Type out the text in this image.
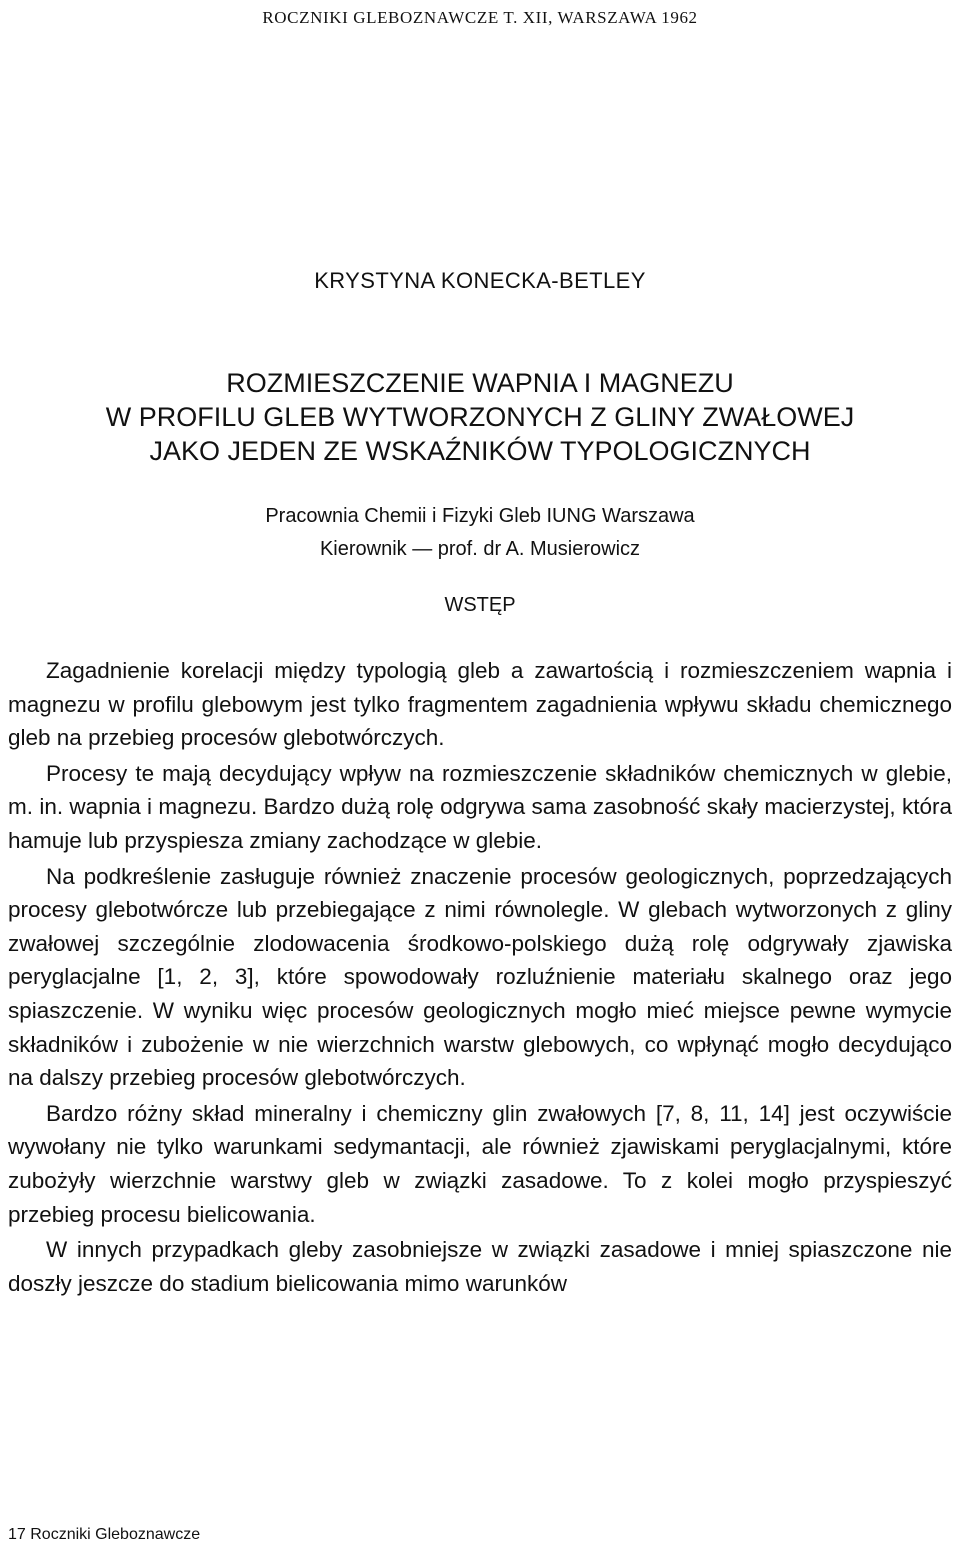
ROCZNIKI GLEBOZNAWCZE T. XII, WARSZAWA 1962
KRYSTYNA KONECKA-BETLEY
ROZMIESZCZENIE WAPNIA I MAGNEZU
W PROFILU GLEB WYTWORZONYCH Z GLINY ZWAŁOWEJ
JAKO JEDEN ZE WSKAŹNIKÓW TYPOLOGICZNYCH
Pracownia Chemii i Fizyki Gleb IUNG Warszawa
Kierownik — prof. dr A. Musierowicz
WSTĘP

Zagadnienie korelacji między typologią gleb a zawartością i rozmieszczeniem wapnia i magnezu w profilu glebowym jest tylko fragmentem zagadnienia wpływu składu chemicznego gleb na przebieg procesów glebotwórczych.

Procesy te mają decydujący wpływ na rozmieszczenie składników chemicznych w glebie, m. in. wapnia i magnezu. Bardzo dużą rolę odgrywa sama zasobność skały macierzystej, która hamuje lub przyspiesza zmiany zachodzące w glebie.

Na podkreślenie zasługuje również znaczenie procesów geologicznych, poprzedzających procesy glebotwórcze lub przebiegające z nimi równolegle. W glebach wytworzonych z gliny zwałowej szczególnie zlodowacenia środkowo-polskiego dużą rolę odgrywały zjawiska peryglacjalne [1, 2, 3], które spowodowały rozluźnienie materiału skalnego oraz jego spiaszczenie. W wyniku więc procesów geologicznych mogło mieć miejsce pewne wymycie składników i zubożenie w nie wierzchnich warstw glebowych, co wpłynąć mogło decydująco na dalszy przebieg procesów glebotwórczych.

Bardzo różny skład mineralny i chemiczny glin zwałowych [7, 8, 11, 14] jest oczywiście wywołany nie tylko warunkami sedymantacji, ale również zjawiskami peryglacjalnymi, które zubożyły wierzchnie warstwy gleb w związki zasadowe. To z kolei mogło przyspieszyć przebieg procesu bielicowania.

W innych przypadkach gleby zasobniejsze w związki zasadowe i mniej spiaszczone nie doszły jeszcze do stadium bielicowania mimo warunków

17 Roczniki Gleboznawcze
